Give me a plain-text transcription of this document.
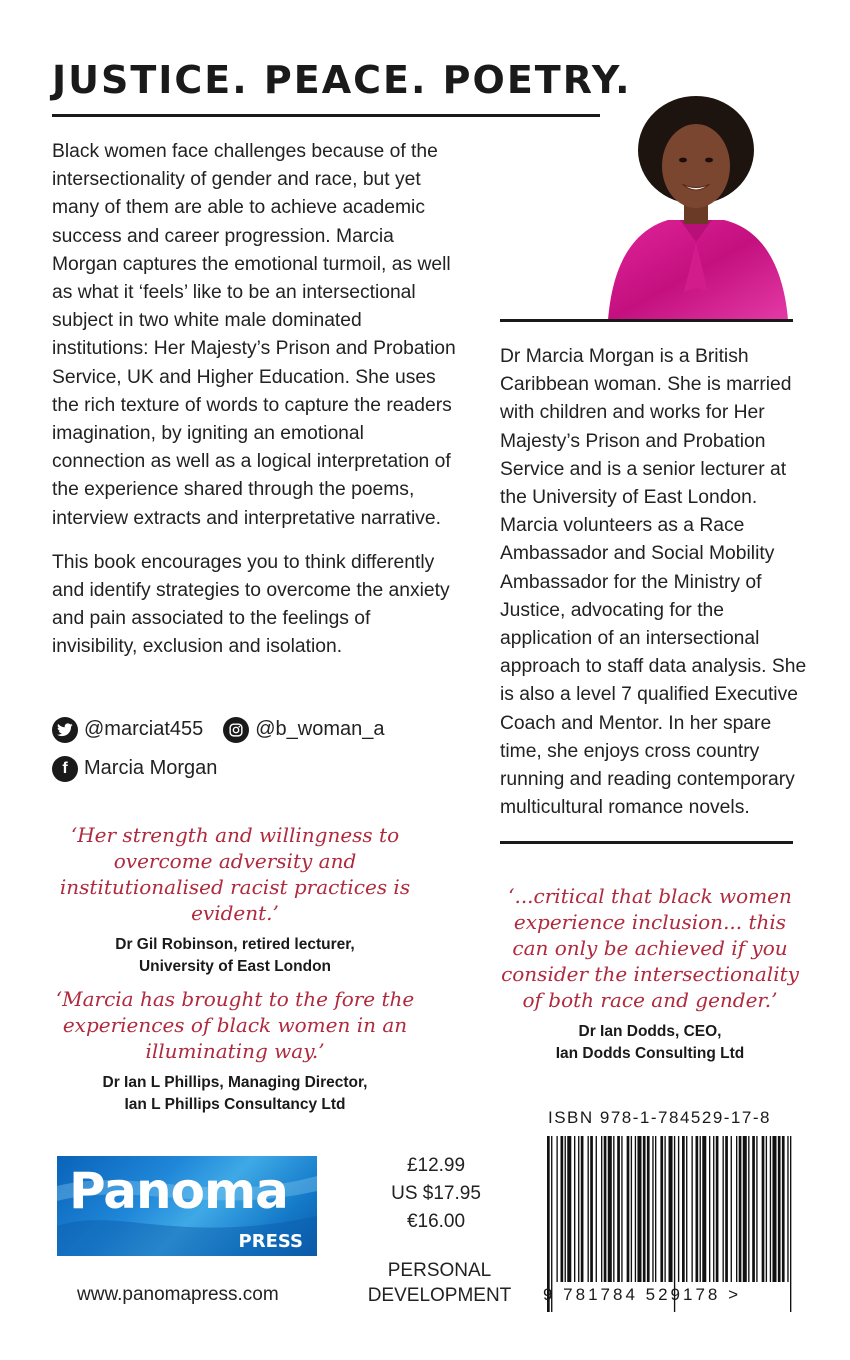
JUSTICE. PEACE. POETRY.

Black women face challenges because of the intersectionality of gender and race, but yet many of them are able to achieve academic success and career progression. Marcia Morgan captures the emotional turmoil, as well as what it ‘feels’ like to be an intersectional subject in two white male dominated institutions: Her Majesty’s Prison and Probation Service, UK and Higher Education. She uses the rich texture of words to capture the readers imagination, by igniting an emotional connection as well as a logical interpretation of the experience shared through the poems, interview extracts and interpretative narrative.

This book encourages you to think differently and identify strategies to overcome the anxiety and pain associated to the feelings of invisibility, exclusion and isolation.

@marciat455	@b_woman_a
f Marcia Morgan
Dr Marcia Morgan is a British Caribbean woman. She is married with children and works for Her Majesty’s Prison and Probation Service and is a senior lecturer at the University of East London. Marcia volunteers as a Race Ambassador and Social Mobility Ambassador for the Ministry of Justice, advocating for the application of an intersectional approach to staff data analysis. She is also a level 7 qualified Executive Coach and Mentor. In her spare time, she enjoys cross country running and reading contemporary multicultural romance novels.
‘Her strength and willingness to overcome adversity and institutionalised racist practices is evident.’
Dr Gil Robinson, retired lecturer,
University of East London
‘Marcia has brought to the fore the experiences of black women in an illuminating way.’
Dr Ian L Phillips, Managing Director,
Ian L Phillips Consultancy Ltd
‘...critical that black women experience inclusion... this can only be achieved if you consider the intersectionality of both race and gender.’
Dr Ian Dodds, CEO,
Ian Dodds Consulting Ltd
Panoma
PRESS
www.panomapress.com
£12.99
US $17.95
€16.00
PERSONAL
DEVELOPMENT
ISBN 978-1-784529-17-8
9 781784 529178 >
